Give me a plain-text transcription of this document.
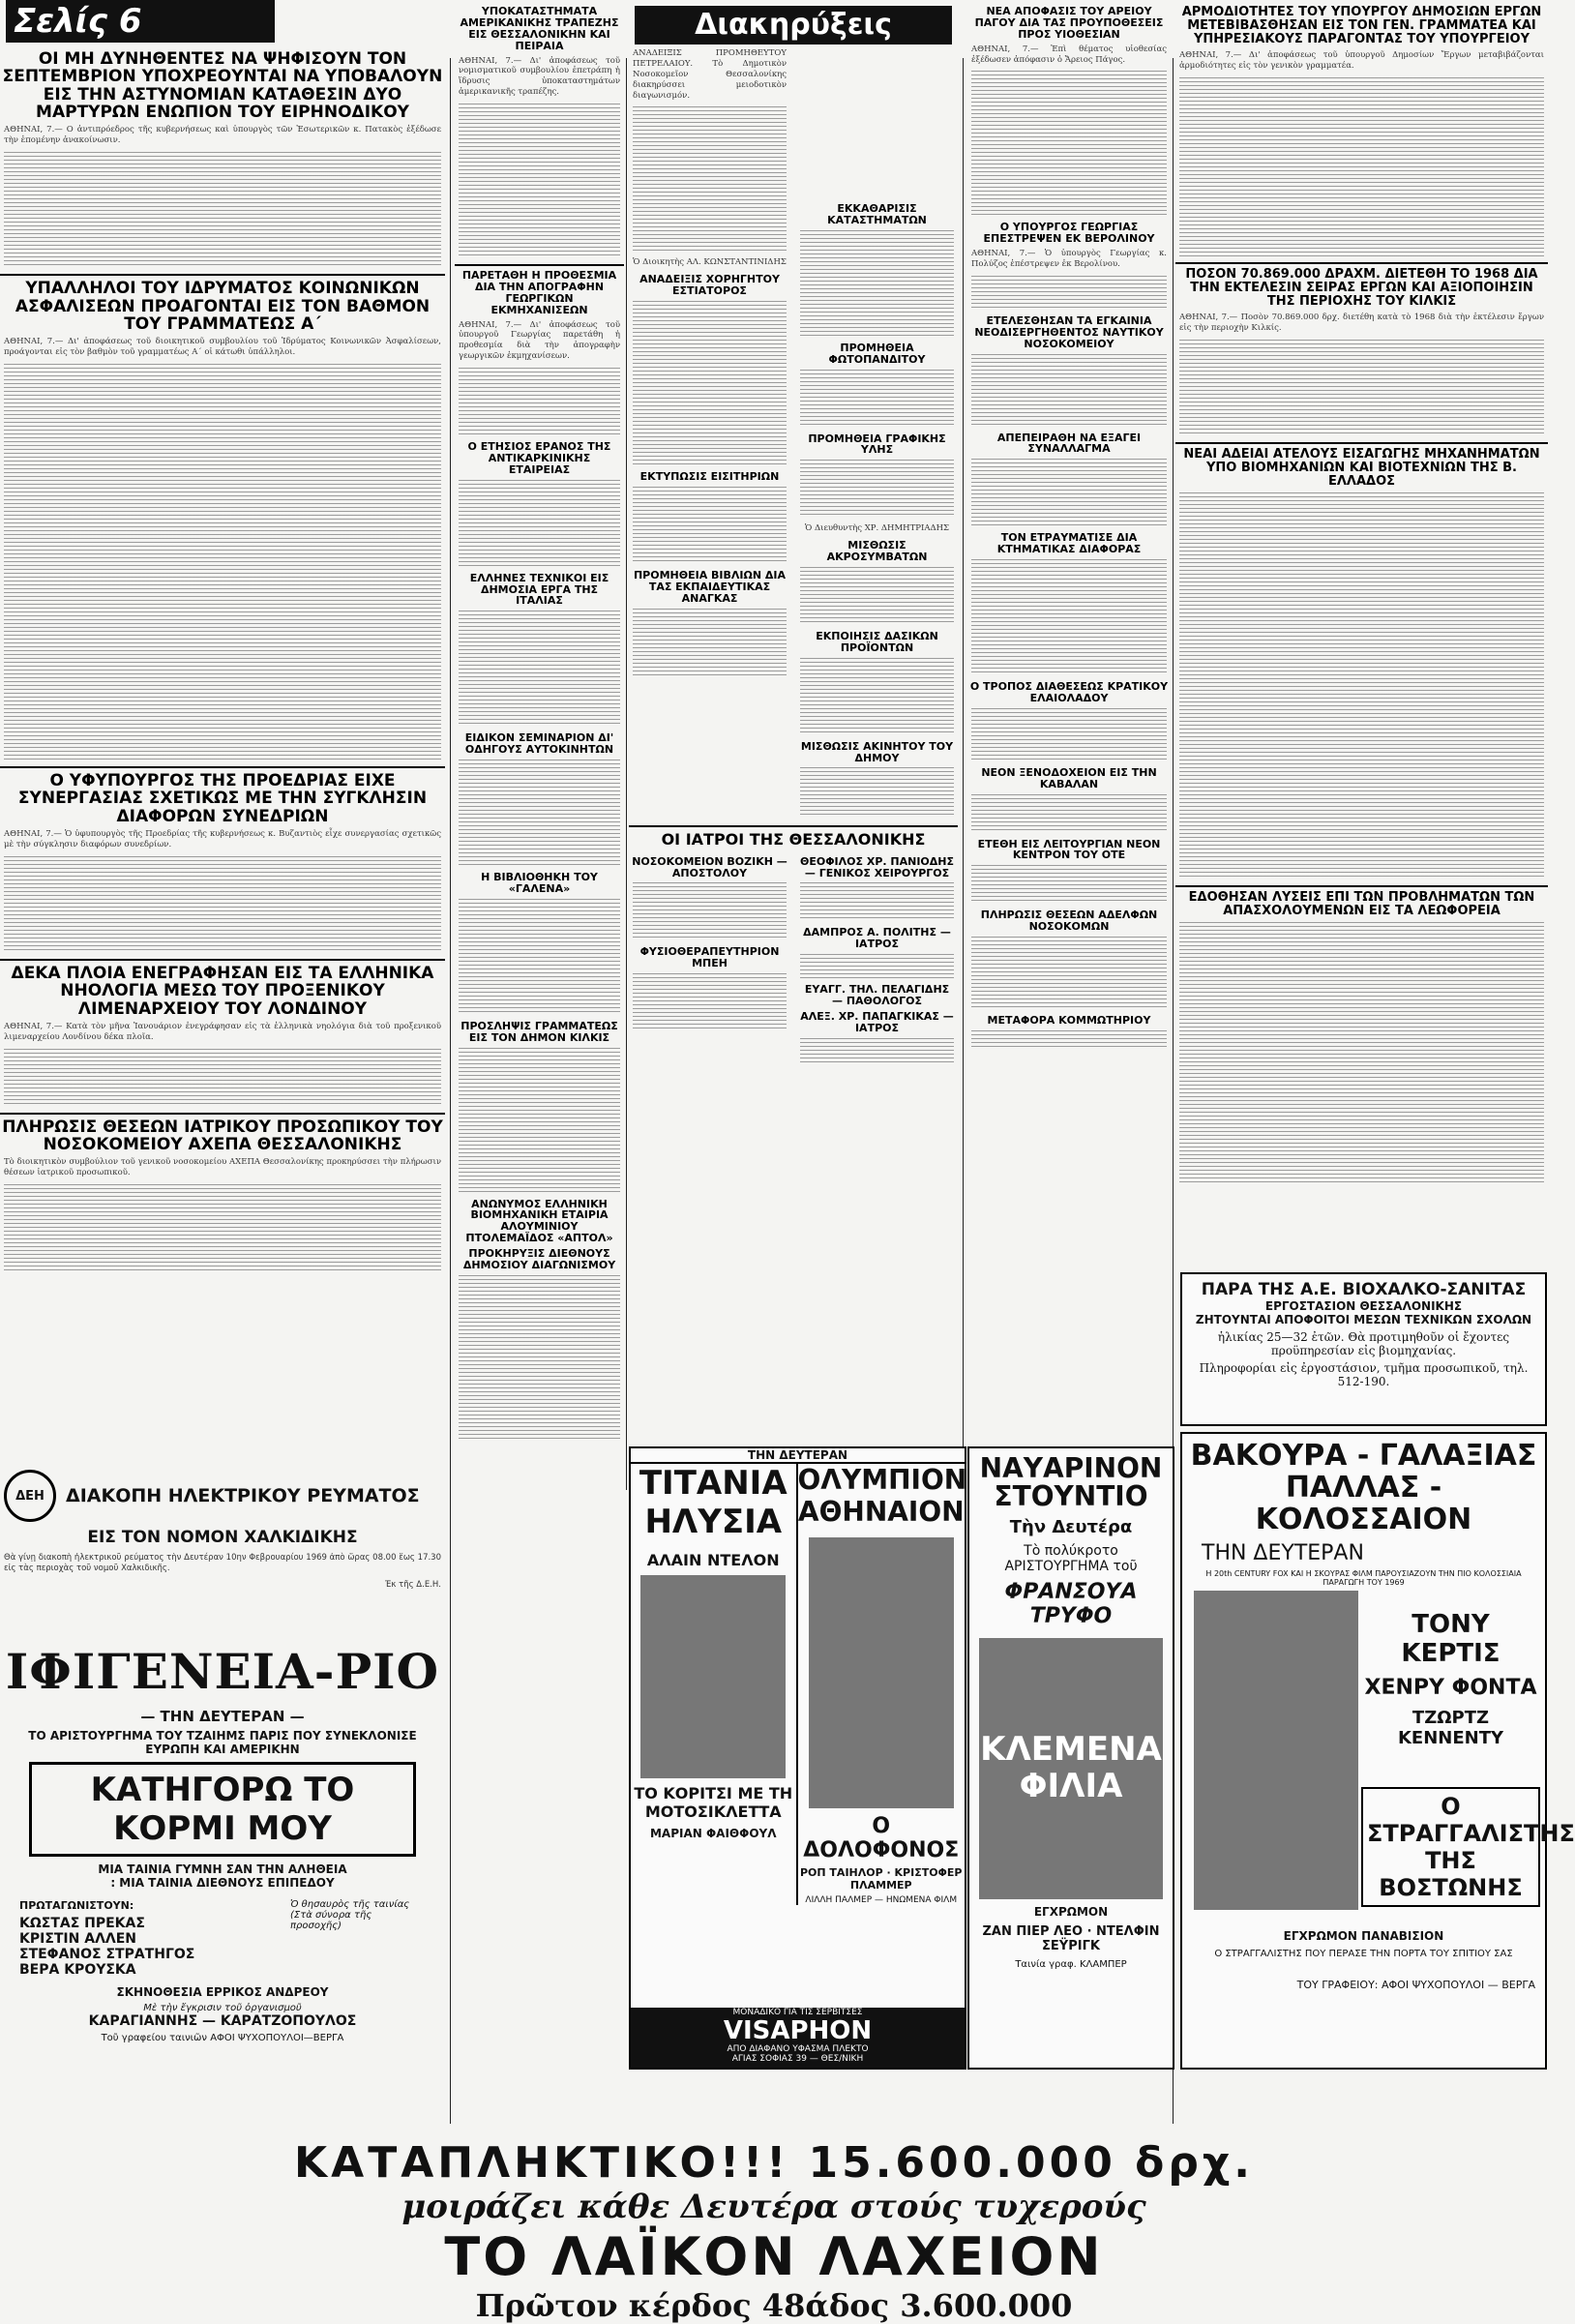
Σελίς 6
ΟΙ ΜΗ ΔΥΝΗΘΕΝΤΕΣ ΝΑ ΨΗΦΙΣΟΥΝ ΤΟΝ ΣΕΠΤΕΜΒΡΙΟΝ ΥΠΟΧΡΕΟΥΝΤΑΙ ΝΑ ΥΠΟΒΑΛΟΥΝ ΕΙΣ ΤΗΝ ΑΣΤΥΝΟΜΙΑΝ ΚΑΤΑΘΕΣΙΝ ΔΥΟ ΜΑΡΤΥΡΩΝ ΕΝΩΠΙΟΝ ΤΟΥ ΕΙΡΗΝΟΔΙΚΟΥ
ΑΘΗΝΑΙ, 7.— Ο ἀντιπρόεδρος τῆς κυβερνήσεως καὶ ὑπουργὸς τῶν Ἐσωτερικῶν κ. Πατακὸς ἐξέδωσε τὴν ἑπομένην ἀνακοίνωσιν.
ΥΠΑΛΛΗΛΟΙ ΤΟΥ ΙΔΡΥΜΑΤΟΣ ΚΟΙΝΩΝΙΚΩΝ ΑΣΦΑΛΙΣΕΩΝ ΠΡΟΑΓΟΝΤΑΙ ΕΙΣ ΤΟΝ ΒΑΘΜΟΝ ΤΟΥ ΓΡΑΜΜΑΤΕΩΣ Α΄
ΑΘΗΝΑΙ, 7.— Δι' ἀποφάσεως τοῦ διοικητικοῦ συμβουλίου τοῦ Ἱδρύματος Κοινωνικῶν Ἀσφαλίσεων, προάγονται εἰς τὸν βαθμὸν τοῦ γραμματέως Α΄ οἱ κάτωθι ὑπάλληλοι.
Ο ΥΦΥΠΟΥΡΓΟΣ ΤΗΣ ΠΡΟΕΔΡΙΑΣ ΕΙΧΕ ΣΥΝΕΡΓΑΣΙΑΣ ΣΧΕΤΙΚΩΣ ΜΕ ΤΗΝ ΣΥΓΚΛΗΣΙΝ ΔΙΑΦΟΡΩΝ ΣΥΝΕΔΡΙΩΝ
ΑΘΗΝΑΙ, 7.— Ὁ ὑφυπουργὸς τῆς Προεδρίας τῆς κυβερνήσεως κ. Βυζαντιὸς εἶχε συνεργασίας σχετικῶς μὲ τὴν σύγκλησιν διαφόρων συνεδρίων.
ΔΕΚΑ ΠΛΟΙΑ ΕΝΕΓΡΑΦΗΣΑΝ ΕΙΣ ΤΑ ΕΛΛΗΝΙΚΑ ΝΗΟΛΟΓΙΑ ΜΕΣΩ ΤΟΥ ΠΡΟΞΕΝΙΚΟΥ ΛΙΜΕΝΑΡΧΕΙΟΥ ΤΟΥ ΛΟΝΔΙΝΟΥ
ΑΘΗΝΑΙ, 7.— Κατὰ τὸν μῆνα Ἰανουάριον ἐνεγράφησαν εἰς τὰ ἑλληνικὰ νηολόγια διὰ τοῦ προξενικοῦ λιμεναρχείου Λονδίνου δέκα πλοῖα.
ΠΛΗΡΩΣΙΣ ΘΕΣΕΩΝ ΙΑΤΡΙΚΟΥ ΠΡΟΣΩΠΙΚΟΥ ΤΟΥ ΝΟΣΟΚΟΜΕΙΟΥ ΑΧΕΠΑ ΘΕΣΣΑΛΟΝΙΚΗΣ
Τὸ διοικητικὸν συμβούλιον τοῦ γενικοῦ νοσοκομείου ΑΧΕΠΑ Θεσσαλονίκης προκηρύσσει τὴν πλήρωσιν θέσεων ἰατρικοῦ προσωπικοῦ.
ΔΕΗ	ΔΙΑΚΟΠΗ ΗΛΕΚΤΡΙΚΟΥ ΡΕΥΜΑΤΟΣ
ΕΙΣ ΤΟΝ ΝΟΜΟΝ ΧΑΛΚΙΔΙΚΗΣ
Θὰ γίνῃ διακοπὴ ἠλεκτρικοῦ ρεύματος τὴν Δευτέραν 10ην Φεβρουαρίου 1969 ἀπὸ ὥρας 08.00 ἕως 17.30 εἰς τὰς περιοχὰς τοῦ νομοῦ Χαλκιδικῆς.
Ἐκ τῆς Δ.Ε.Η.
ΙΦΙΓΕΝΕΙΑ-ΡΙΟ
— ΤΗΝ ΔΕΥΤΕΡΑΝ —
ΤΟ ΑΡΙΣΤΟΥΡΓΗΜΑ ΤΟΥ ΤΖΑΙΗΜΣ ΠΑΡΙΣ ΠΟΥ ΣΥΝΕΚΛΟΝΙΣΕ ΕΥΡΩΠΗ ΚΑΙ ΑΜΕΡΙΚΗΝ
ΚΑΤΗΓΟΡΩ ΤΟ ΚΟΡΜΙ ΜΟΥ
ΜΙΑ ΤΑΙΝΙΑ ΓΥΜΝΗ ΣΑΝ ΤΗΝ ΑΛΗΘΕΙΑ
: ΜΙΑ ΤΑΙΝΙΑ ΔΙΕΘΝΟΥΣ ΕΠΙΠΕΔΟΥ
ΠΡΩΤΑΓΩΝΙΣΤΟΥΝ:
ΚΩΣΤΑΣ ΠΡΕΚΑΣ
ΚΡΙΣΤΙΝ ΑΛΛΕΝ
ΣΤΕΦΑΝΟΣ ΣΤΡΑΤΗΓΟΣ
ΒΕΡΑ ΚΡΟΥΣΚΑ
Ὁ θησαυρὸς τῆς ταινίας (Στὰ σύνορα τῆς προσοχῆς)
ΣΚΗΝΟΘΕΣΙΑ ΕΡΡΙΚΟΣ ΑΝΔΡΕΟΥ
Μὲ τὴν ἔγκρισιν τοῦ ὀργανισμοῦ
ΚΑΡΑΓΙΑΝΝΗΣ — ΚΑΡΑΤΖΟΠΟΥΛΟΣ
Τοῦ γραφείου ταινιῶν ΑΦΟΙ ΨΥΧΟΠΟΥΛΟΙ—ΒΕΡΓΑ
ΥΠΟΚΑΤΑΣΤΗΜΑΤΑ ΑΜΕΡΙΚΑΝΙΚΗΣ ΤΡΑΠΕΖΗΣ ΕΙΣ ΘΕΣΣΑΛΟΝΙΚΗΝ ΚΑΙ ΠΕΙΡΑΙΑ
ΑΘΗΝΑΙ, 7.— Δι' ἀποφάσεως τοῦ νομισματικοῦ συμβουλίου ἐπετράπη ἡ ἵδρυσις ὑποκαταστημάτων ἀμερικανικῆς τραπέζης.
ΠΑΡΕΤΑΘΗ Η ΠΡΟΘΕΣΜΙΑ ΔΙΑ ΤΗΝ ΑΠΟΓΡΑΦΗΝ ΓΕΩΡΓΙΚΩΝ ΕΚΜΗΧΑΝΙΣΕΩΝ
ΑΘΗΝΑΙ, 7.— Δι' ἀποφάσεως τοῦ ὑπουργοῦ Γεωργίας παρετάθη ἡ προθεσμία διὰ τὴν ἀπογραφὴν γεωργικῶν ἐκμηχανίσεων.
Ο ΕΤΗΣΙΟΣ ΕΡΑΝΟΣ ΤΗΣ ΑΝΤΙΚΑΡΚΙΝΙΚΗΣ ΕΤΑΙΡΕΙΑΣ
ΕΛΛΗΝΕΣ ΤΕΧΝΙΚΟΙ ΕΙΣ ΔΗΜΟΣΙΑ ΕΡΓΑ ΤΗΣ ΙΤΑΛΙΑΣ
ΕΙΔΙΚΟΝ ΣΕΜΙΝΑΡΙΟΝ ΔΙ' ΟΔΗΓΟΥΣ ΑΥΤΟΚΙΝΗΤΩΝ
Η ΒΙΒΛΙΟΘΗΚΗ ΤΟΥ «ΓΑΛΕΝΑ»
ΠΡΟΣΛΗΨΙΣ ΓΡΑΜΜΑΤΕΩΣ ΕΙΣ ΤΟΝ ΔΗΜΟΝ ΚΙΛΚΙΣ
ΑΝΩΝΥΜΟΣ ΕΛΛΗΝΙΚΗ ΒΙΟΜΗΧΑΝΙΚΗ ΕΤΑΙΡΙΑ ΑΛΟΥΜΙΝΙΟΥ ΠΤΟΛΕΜΑΪΔΟΣ «ΑΠΤΟΛ»
ΠΡΟΚΗΡΥΞΙΣ ΔΙΕΘΝΟΥΣ ΔΗΜΟΣΙΟΥ ΔΙΑΓΩΝΙΣΜΟΥ
Διακηρύξεις
ΑΝΑΔΕΙΞΙΣ ΠΡΟΜΗΘΕΥΤΟΥ ΠΕΤΡΕΛΑΙΟΥ. Τὸ Δημοτικὸν Νοσοκομεῖον Θεσσαλονίκης διακηρύσσει μειοδοτικὸν διαγωνισμόν.
Ὁ Διοικητὴς ΑΛ. ΚΩΝΣΤΑΝΤΙΝΙΔΗΣ
ΑΝΑΔΕΙΞΙΣ ΧΟΡΗΓΗΤΟΥ ΕΣΤΙΑΤΟΡΟΣ
ΕΚΤΥΠΩΣΙΣ ΕΙΣΙΤΗΡΙΩΝ
ΠΡΟΜΗΘΕΙΑ ΒΙΒΛΙΩΝ ΔΙΑ ΤΑΣ ΕΚΠΑΙΔΕΥΤΙΚΑΣ ΑΝΑΓΚΑΣ
ΕΚΚΑΘΑΡΙΣΙΣ ΚΑΤΑΣΤΗΜΑΤΩΝ
ΠΡΟΜΗΘΕΙΑ ΦΩΤΟΠΑΝΔΙΤΟΥ
ΠΡΟΜΗΘΕΙΑ ΓΡΑΦΙΚΗΣ ΥΛΗΣ
Ὁ Διευθυντὴς ΧΡ. ΔΗΜΗΤΡΙΑΔΗΣ
ΜΙΣΘΩΣΙΣ ΑΚΡΟΣΥΜΒΑΤΩΝ
ΕΚΠΟΙΗΣΙΣ ΔΑΣΙΚΩΝ ΠΡΟΪΟΝΤΩΝ
ΜΙΣΘΩΣΙΣ ΑΚΙΝΗΤΟΥ ΤΟΥ ΔΗΜΟΥ
ΟΙ ΙΑΤΡΟΙ ΤΗΣ ΘΕΣΣΑΛΟΝΙΚΗΣ
ΝΟΣΟΚΟΜΕΙΟΝ ΒΟΖΙΚΗ — ΑΠΟΣΤΟΛΟΥ
ΦΥΣΙΟΘΕΡΑΠΕΥΤΗΡΙΟΝ ΜΠΕΗ
ΘΕΟΦΙΛΟΣ ΧΡ. ΠΑΝΙΟΔΗΣ — ΓΕΝΙΚΟΣ ΧΕΙΡΟΥΡΓΟΣ
ΔΑΜΠΡΟΣ Α. ΠΟΛΙΤΗΣ — ΙΑΤΡΟΣ
ΕΥΑΓΓ. ΤΗΛ. ΠΕΛΑΓΙΔΗΣ — ΠΑΘΟΛΟΓΟΣ
ΑΛΕΞ. ΧΡ. ΠΑΠΑΓΚΙΚΑΣ — ΙΑΤΡΟΣ
ΝΕΑ ΑΠΟΦΑΣΙΣ ΤΟΥ ΑΡΕΙΟΥ ΠΑΓΟΥ ΔΙΑ ΤΑΣ ΠΡΟΥΠΟΘΕΣΕΙΣ ΠΡΟΣ ΥΙΟΘΕΣΙΑΝ
ΑΘΗΝΑΙ, 7.— Ἐπὶ θέματος υἱοθεσίας ἐξέδωσεν ἀπόφασιν ὁ Ἄρειος Πάγος.
Ο ΥΠΟΥΡΓΟΣ ΓΕΩΡΓΙΑΣ ΕΠΕΣΤΡΕΨΕΝ ΕΚ ΒΕΡΟΛΙΝΟΥ
ΑΘΗΝΑΙ, 7.— Ὁ ὑπουργὸς Γεωργίας κ. Πολύζος ἐπέστρεψεν ἐκ Βερολίνου.
ΕΤΕΛΕΣΘΗΣΑΝ ΤΑ ΕΓΚΑΙΝΙΑ ΝΕΟΔΙΣΕΡΓΗΘΕΝΤΟΣ ΝΑΥΤΙΚΟΥ ΝΟΣΟΚΟΜΕΙΟΥ
ΑΠΕΠΕΙΡΑΘΗ ΝΑ ΕΞΑΓΕΙ ΣΥΝΑΛΛΑΓΜΑ
ΤΟΝ ΕΤΡΑΥΜΑΤΙΣΕ ΔΙΑ ΚΤΗΜΑΤΙΚΑΣ ΔΙΑΦΟΡΑΣ
Ο ΤΡΟΠΟΣ ΔΙΑΘΕΣΕΩΣ ΚΡΑΤΙΚΟΥ ΕΛΑΙΟΛΑΔΟΥ
ΝΕΟΝ ΞΕΝΟΔΟΧΕΙΟΝ ΕΙΣ ΤΗΝ ΚΑΒΑΛΑΝ
ΕΤΕΘΗ ΕΙΣ ΛΕΙΤΟΥΡΓΙΑΝ ΝΕΟΝ ΚΕΝΤΡΟΝ ΤΟΥ ΟΤΕ
ΠΛΗΡΩΣΙΣ ΘΕΣΕΩΝ ΑΔΕΛΦΩΝ ΝΟΣΟΚΟΜΩΝ
ΜΕΤΑΦΟΡΑ ΚΟΜΜΩΤΗΡΙΟΥ
ΤΗΝ ΔΕΥΤΕΡΑΝ
ΤΙΤΑΝΙΑ
ΗΛΥΣΙΑ
ΑΛΑΙΝ ΝΤΕΛΟΝ
ΤΟ ΚΟΡΙΤΣΙ ΜΕ ΤΗ ΜΟΤΟΣΙΚΛΕΤΤΑ
ΜΑΡΙΑΝ ΦΑΙΘΦΟΥΛ
ΟΛΥΜΠΙΟΝ
ΑΘΗΝΑΙΟΝ
Ο ΔΟΛΟΦΟΝΟΣ
ΡΟΠ ΤΑΙΗΛΟΡ · ΚΡΙΣΤΟΦΕΡ ΠΛΑΜΜΕΡ
ΛΙΛΛΗ ΠΑΛΜΕΡ — ΗΝΩΜΕΝΑ ΦΙΛΜ
ΜΟΝΑΔΙΚΟ ΓΙΑ ΤΙΣ ΣΕΡΒΙΤΣΕΣ
VISAPHON
ΑΠΟ ΔΙΑΦΑΝΟ ΥΦΑΣΜΑ ΠΛΕΚΤΟ
ΑΓΙΑΣ ΣΟΦΙΑΣ 39 — ΘΕΣ/ΝΙΚΗ
ΝΑΥΑΡΙΝΟΝ ΣΤΟΥΝΤΙΟ
Τὴν Δευτέρα
Τὸ πολύκροτο ΑΡΙΣΤΟΥΡΓΗΜΑ τοῦ
ΦΡΑΝΣΟΥΑ ΤΡΥΦΟ
ΚΛΕΜΕΝΑ ΦΙΛΙΑ
ΕΓΧΡΩΜΟΝ
ΖΑΝ ΠΙΕΡ ΛΕΟ · ΝΤΕΛΦΙΝ ΣΕΫΡΙΓΚ
Ταινία γραφ. ΚΛΑΜΠΕΡ
ΑΡΜΟΔΙΟΤΗΤΕΣ ΤΟΥ ΥΠΟΥΡΓΟΥ ΔΗΜΟΣΙΩΝ ΕΡΓΩΝ ΜΕΤΕΒΙΒΑΣΘΗΣΑΝ ΕΙΣ ΤΟΝ ΓΕΝ. ΓΡΑΜΜΑΤΕΑ ΚΑΙ ΥΠΗΡΕΣΙΑΚΟΥΣ ΠΑΡΑΓΟΝΤΑΣ ΤΟΥ ΥΠΟΥΡΓΕΙΟΥ
ΑΘΗΝΑΙ, 7.— Δι' ἀποφάσεως τοῦ ὑπουργοῦ Δημοσίων Ἔργων μεταβιβάζονται ἀρμοδιότητες εἰς τὸν γενικὸν γραμματέα.
ΠΟΣΟΝ 70.869.000 ΔΡΑΧΜ. ΔΙΕΤΕΘΗ ΤΟ 1968 ΔΙΑ ΤΗΝ ΕΚΤΕΛΕΣΙΝ ΣΕΙΡΑΣ ΕΡΓΩΝ ΚΑΙ ΑΞΙΟΠΟΙΗΣΙΝ ΤΗΣ ΠΕΡΙΟΧΗΣ ΤΟΥ ΚΙΛΚΙΣ
ΑΘΗΝΑΙ, 7.— Ποσὸν 70.869.000 δρχ. διετέθη κατὰ τὸ 1968 διὰ τὴν ἐκτέλεσιν ἔργων εἰς τὴν περιοχὴν Κιλκίς.
ΝΕΑΙ ΑΔΕΙΑΙ ΑΤΕΛΟΥΣ ΕΙΣΑΓΩΓΗΣ ΜΗΧΑΝΗΜΑΤΩΝ ΥΠΟ ΒΙΟΜΗΧΑΝΙΩΝ ΚΑΙ ΒΙΟΤΕΧΝΙΩΝ ΤΗΣ Β. ΕΛΛΑΔΟΣ
ΕΔΟΘΗΣΑΝ ΛΥΣΕΙΣ ΕΠΙ ΤΩΝ ΠΡΟΒΛΗΜΑΤΩΝ ΤΩΝ ΑΠΑΣΧΟΛΟΥΜΕΝΩΝ ΕΙΣ ΤΑ ΛΕΩΦΟΡΕΙΑ
ΠΑΡΑ ΤΗΣ Α.Ε. ΒΙΟΧΑΛΚΟ-ΣΑΝΙΤΑΣ
ΕΡΓΟΣΤΑΣΙΟΝ ΘΕΣΣΑΛΟΝΙΚΗΣ
ΖΗΤΟΥΝΤΑΙ ΑΠΟΦΟΙΤΟΙ ΜΕΣΩΝ ΤΕΧΝΙΚΩΝ ΣΧΟΛΩΝ
ἡλικίας 25—32 ἐτῶν. Θὰ προτιμηθοῦν οἱ ἔχοντες προϋπηρεσίαν εἰς βιομηχανίας.
Πληροφορίαι εἰς ἐργοστάσιον, τμῆμα προσωπικοῦ, τηλ. 512-190.
ΒΑΚΟΥΡΑ - ΓΑΛΑΞΙΑΣ ΠΑΛΛΑΣ - ΚΟΛΟΣΣΑΙΟΝ
ΤΗΝ ΔΕΥΤΕΡΑΝ
Η 20th CENTURY FOX ΚΑΙ Η ΣΚΟΥΡΑΣ ΦΙΛΜ ΠΑΡΟΥΣΙΑΖΟΥΝ ΤΗΝ ΠΙΟ ΚΟΛΟΣΣΙΑΙΑ ΠΑΡΑΓΩΓΗ ΤΟΥ 1969
ΤΟΝΥ ΚΕΡΤΙΣ
ΧΕΝΡΥ ΦΟΝΤΑ
ΤΖΩΡΤΖ ΚΕΝΝΕΝΤΥ
Ο ΣΤΡΑΓΓΑΛΙΣΤΗΣ ΤΗΣ ΒΟΣΤΩΝΗΣ
ΕΓΧΡΩΜΟΝ ΠΑΝΑΒΙΣΙΟΝ
Ο ΣΤΡΑΓΓΑΛΙΣΤΗΣ ΠΟΥ ΠΕΡΑΣΕ ΤΗΝ ΠΟΡΤΑ ΤΟΥ ΣΠΙΤΙΟΥ ΣΑΣ
ΤΟΥ ΓΡΑΦΕΙΟΥ: ΑΦΟΙ ΨΥΧΟΠΟΥΛΟΙ — ΒΕΡΓΑ
ΚΑΤΑΠΛΗΚΤΙΚΟ!!! 15.600.000 δρχ.
μοιράζει κάθε Δευτέρα στούς τυχερούς
ΤΟ ΛΑΪΚΟΝ ΛΑΧΕΙΟΝ
Πρῶτον κέρδος 48άδος 3.600.000
